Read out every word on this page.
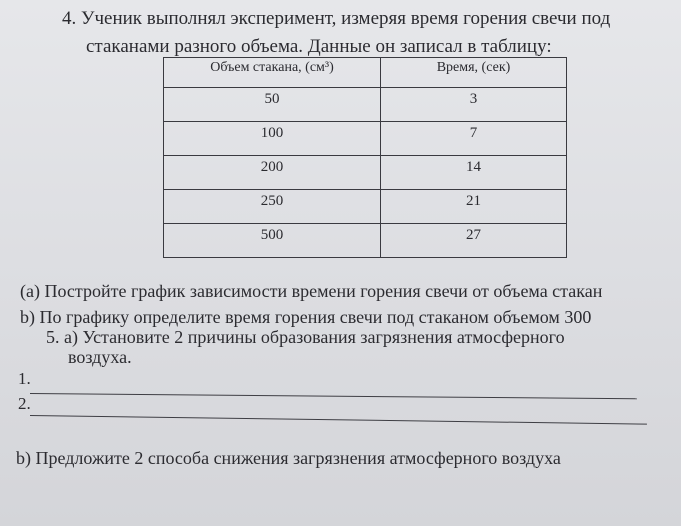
4. Ученик выполнял эксперимент, измеряя время горения свечи под
стаканами разного объема. Данные он записал в таблицу:
Объем стакана, (см³)	Время, (сек)
50	3
100	7
200	14
250	21
500	27
(a) Постройте график зависимости времени горения свечи от объема стакан
b) По графику определите время горения свечи под стаканом объемом 300
5. a) Установите 2 причины образования загрязнения атмосферного
воздуха.
1.
2.
b) Предложите 2 способа снижения загрязнения атмосферного воздуха
